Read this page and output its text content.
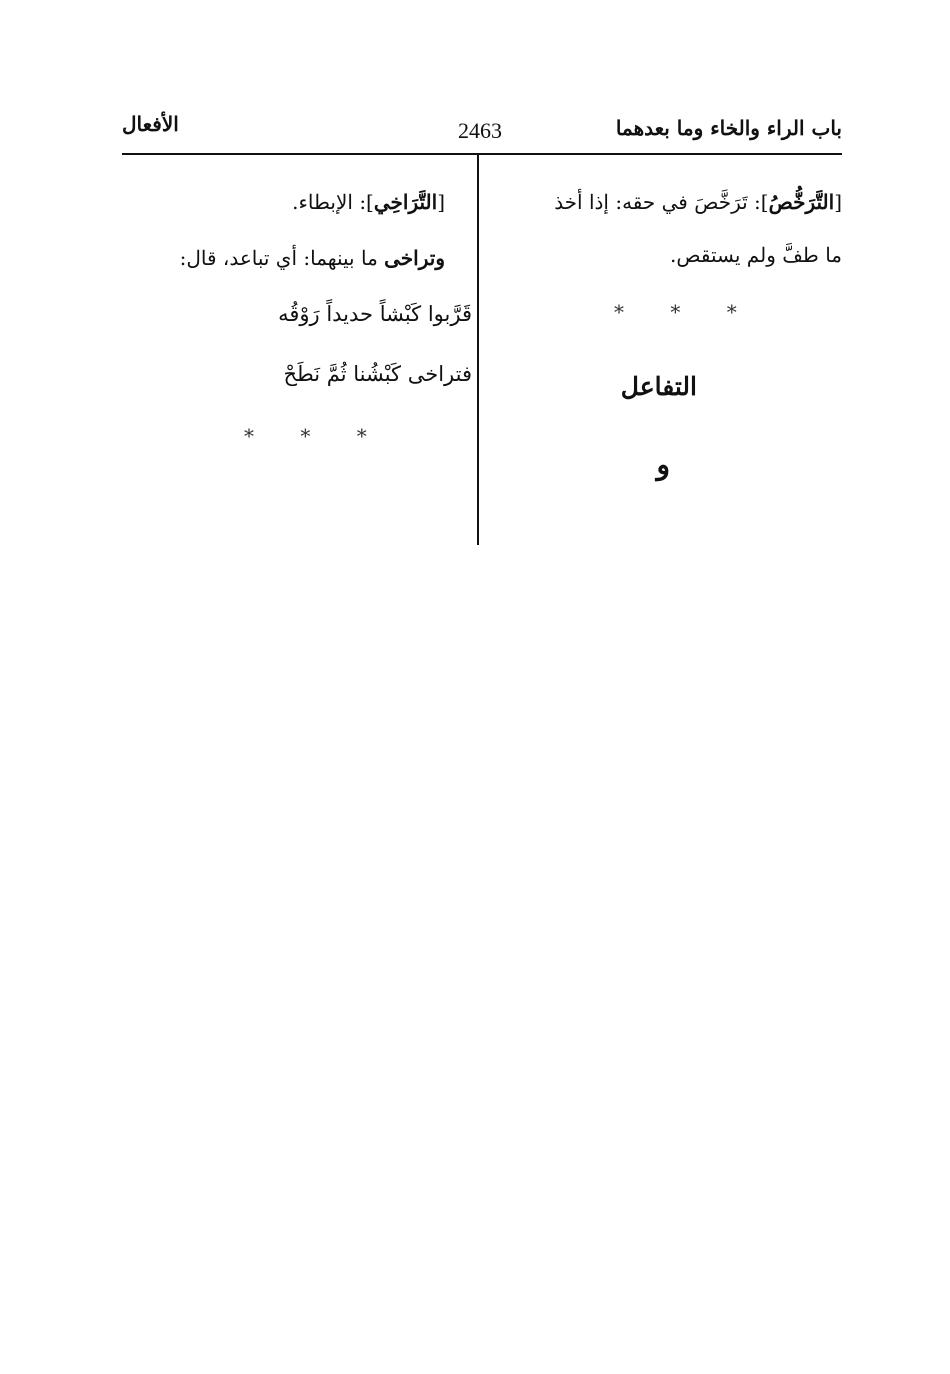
باب الراء والخاء وما بعدهما
2463
الأفعال
[التَّرَخُّصُ]: تَرَخَّصَ في حقه: إذا أخذ
ما طفَّ ولم يستقص.
* * *
التفاعل
و
[التَّرَاخِي]: الإبطاء.
وتراخى ما بينهما: أي تباعد، قال:
قَرَّبوا كَبْشاً حديداً رَوْقُه
فتراخى كَبْشُنا ثُمَّ نَطَحْ
* * *
